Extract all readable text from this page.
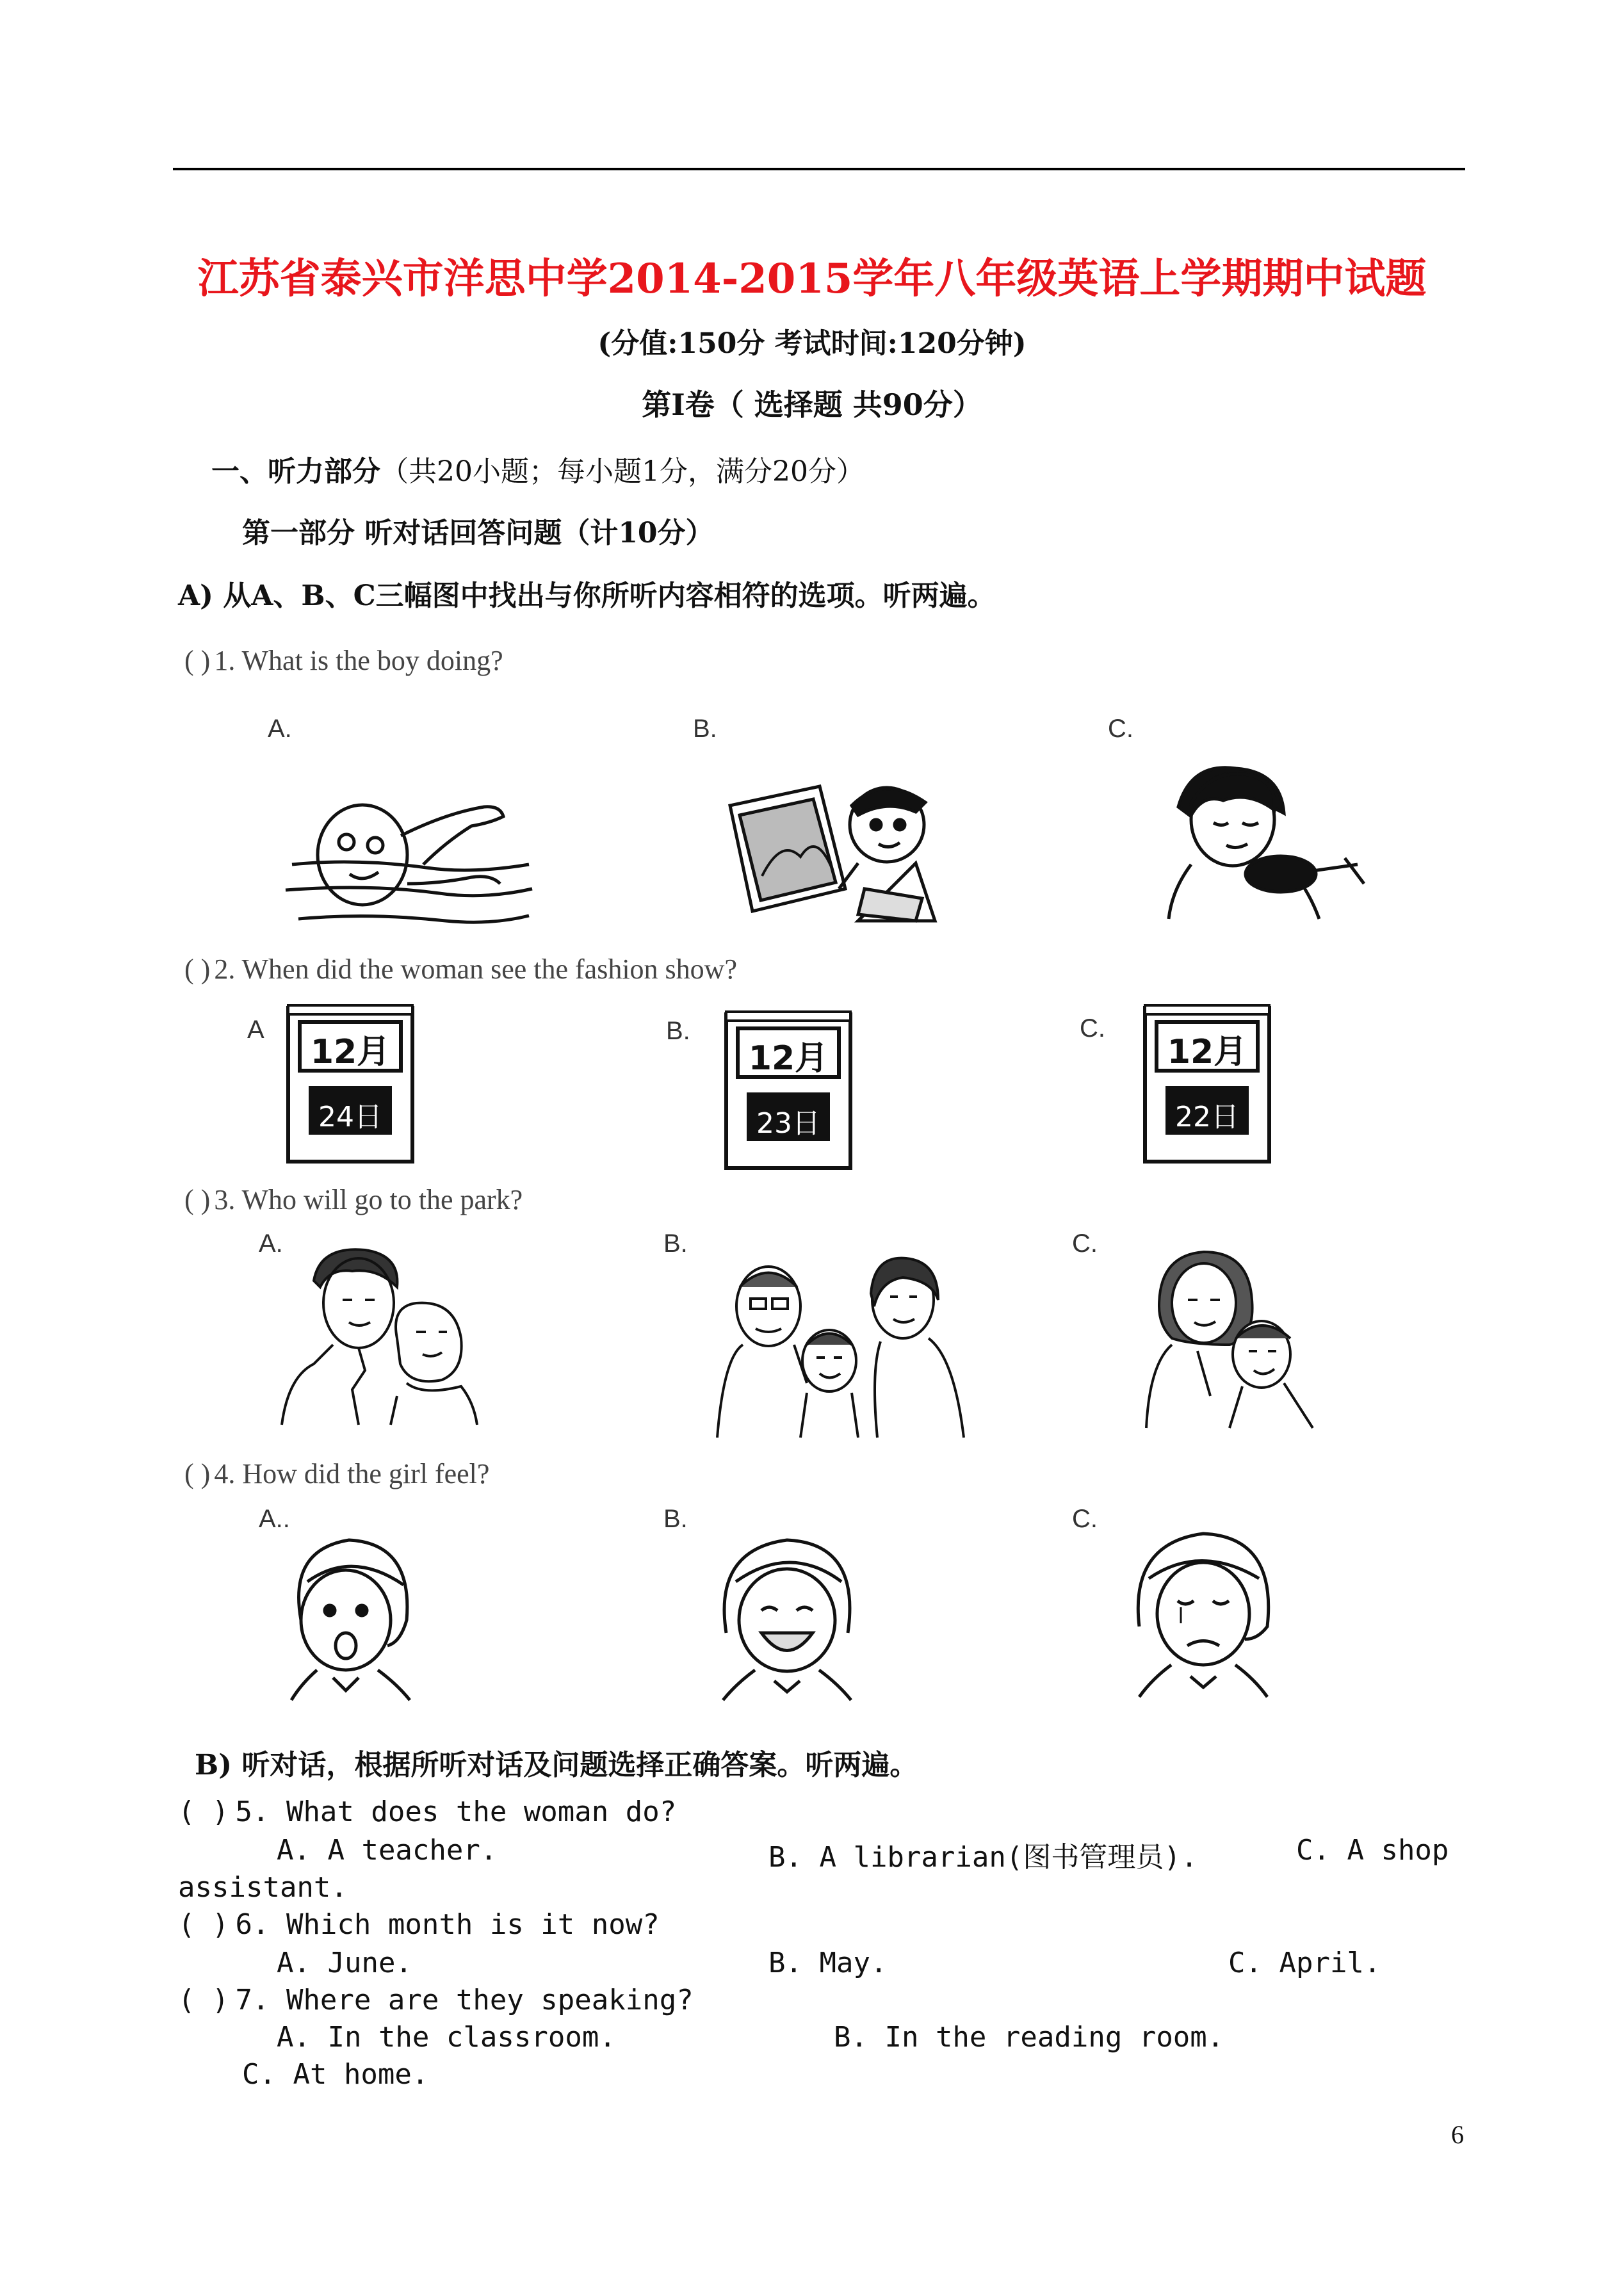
江苏省泰兴市洋思中学2014-2015学年八年级英语上学期期中试题
(分值:150分 考试时间:120分钟)
第Ⅰ卷（ 选择题 共90分）
一、听力部分（共20小题；每小题1分，满分20分）
第一部分 听对话回答问题（计10分）
A) 从A、B、C三幅图中找出与你所听内容相符的选项。听两遍。
( ) 1. What is the boy doing?
A.	B.	C.
( ) 2. When did the woman see the fashion show?
A	B.	C.
12月
24日
12月
23日
12月
22日
( ) 3. Who will go to the park?
A.	B.	C.
( ) 4. How did the girl feel?
A..	B.	C.
B) 听对话，根据所听对话及问题选择正确答案。听两遍。
( ) 5. What does the woman do?
A. A teacher.	B. A librarian(图书管理员).	C. A shop
assistant.
( ) 6. Which month is it now?
A. June.	B. May.	C. April.
( ) 7. Where are they speaking?
A. In the classroom.	B. In the reading room.
C. At home.
6
